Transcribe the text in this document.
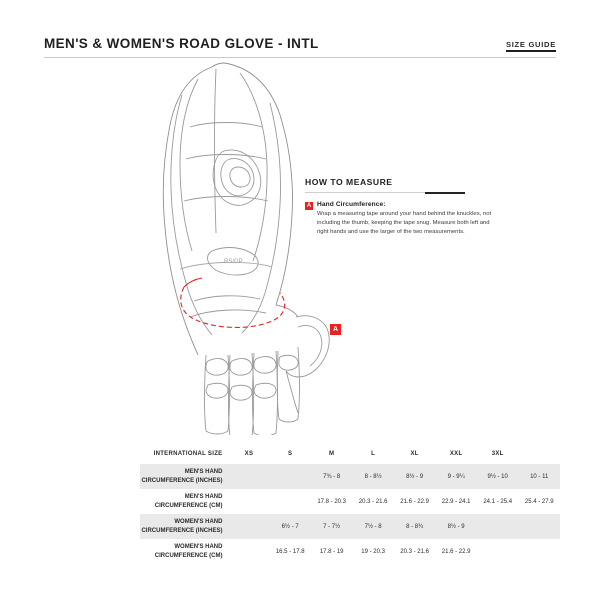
MEN'S & WOMEN'S ROAD GLOVE - INTL	SIZE GUIDE
RS/GP
A
HOW TO MEASURE
A Hand Circumference:
Wrap a measuring tape around your hand behind the knuckles, not including the thumb, keeping the tape snug. Measure both left and right hands and use the larger of the two measurements.
INTERNATIONAL SIZE	XS	S	M	L	XL	XXL	3XL	
MEN'S HAND
CIRCUMFERENCE (INCHES)			7¾ - 8	8 - 8½	8½ - 9	9 - 9¼	9½ - 10	10 - 11
MEN'S HAND
CIRCUMFERENCE (CM)			17.8 - 20.3	20.3 - 21.6	21.6 - 22.9	22.9 - 24.1	24.1 - 25.4	25.4 - 27.9
WOMEN'S HAND
CIRCUMFERENCE (INCHES)		6½ - 7	7 - 7½	7½ - 8	8 - 8¾	8½ - 9		
WOMEN'S HAND
CIRCUMFERENCE (CM)		16.5 - 17.8	17.8 - 19	19 - 20.3	20.3 - 21.6	21.6 - 22.9		
